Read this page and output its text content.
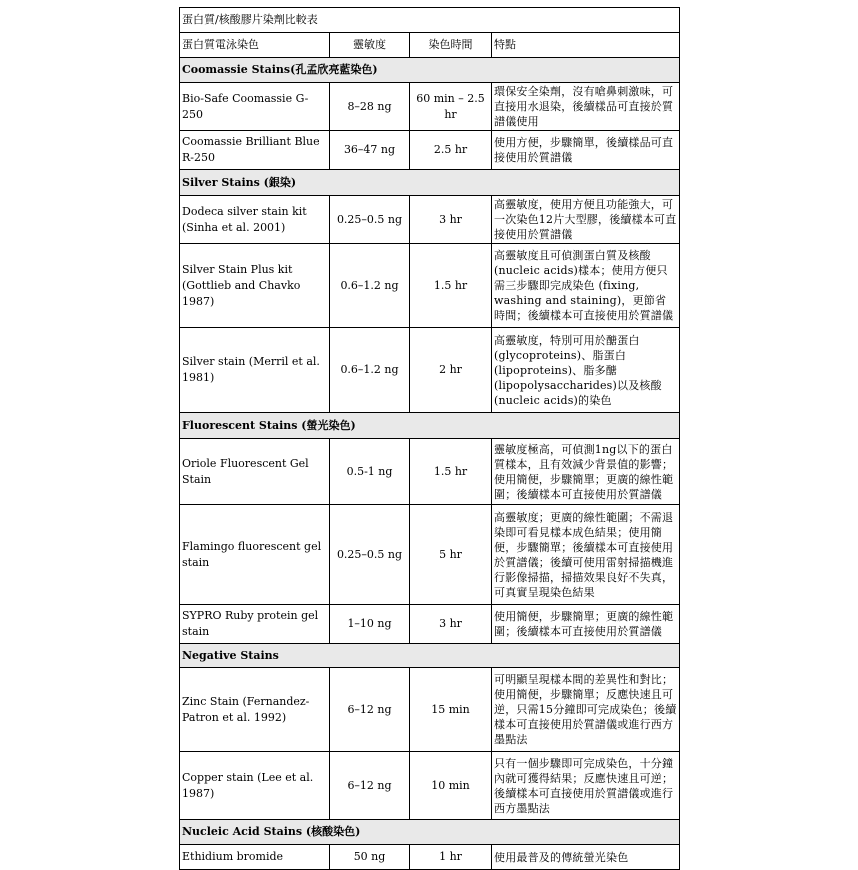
蛋白質/核酸膠片染劑比較表			
蛋白質電泳染色	靈敏度	染色時間	特點
Coomassie Stains(孔孟欣亮藍染色)			
Bio-Safe Coomassie G-250	8–28 ng	60 min – 2.5 hr	環保安全染劑，沒有嗆鼻刺激味，可直接用水退染，後續樣品可直接於質譜儀使用
Coomassie Brilliant Blue R-250	36–47 ng	2.5 hr	使用方便，步驟簡單，後續樣品可直接使用於質譜儀
Silver Stains (銀染)			
Dodeca silver stain kit (Sinha et al. 2001)	0.25–0.5 ng	3 hr	高靈敏度，使用方便且功能強大，可一次染色12片大型膠，後續樣本可直接使用於質譜儀
Silver Stain Plus kit (Gottlieb and Chavko 1987)	0.6–1.2 ng	1.5 hr	高靈敏度且可偵測蛋白質及核酸(nucleic acids)樣本；使用方便只需三步驟即完成染色 (fixing, washing and staining)，更節省時間；後續樣本可直接使用於質譜儀
Silver stain (Merril et al. 1981)	0.6–1.2 ng	2 hr	高靈敏度，特別可用於醣蛋白(glycoproteins)、脂蛋白(lipoproteins)、脂多醣(lipopolysaccharides)以及核酸(nucleic acids)的染色
Fluorescent Stains (螢光染色)			
Oriole Fluorescent Gel Stain	0.5-1 ng	1.5 hr	靈敏度極高，可偵測1ng以下的蛋白質樣本，且有效減少背景值的影響；使用簡便，步驟簡單；更廣的線性範圍；後續樣本可直接使用於質譜儀
Flamingo fluorescent gel stain	0.25–0.5 ng	5 hr	高靈敏度；更廣的線性範圍；不需退染即可看見樣本成色結果；使用簡便，步驟簡單；後續樣本可直接使用於質譜儀；後續可使用雷射掃描機進行影像掃描，掃描效果良好不失真，可真實呈現染色結果
SYPRO Ruby protein gel stain	1–10 ng	3 hr	使用簡便，步驟簡單；更廣的線性範圍；後續樣本可直接使用於質譜儀
Negative Stains			
Zinc Stain (Fernandez-Patron et al. 1992)	6–12 ng	15 min	可明顯呈現樣本間的差異性和對比；使用簡便，步驟簡單；反應快速且可逆，只需15分鐘即可完成染色；後續樣本可直接使用於質譜儀或進行西方墨點法
Copper stain (Lee et al. 1987)	6–12 ng	10 min	只有一個步驟即可完成染色，十分鐘內就可獲得結果；反應快速且可逆；後續樣本可直接使用於質譜儀或進行西方墨點法
Nucleic Acid Stains (核酸染色)			
Ethidium bromide	50 ng	1 hr	使用最普及的傳統螢光染色
